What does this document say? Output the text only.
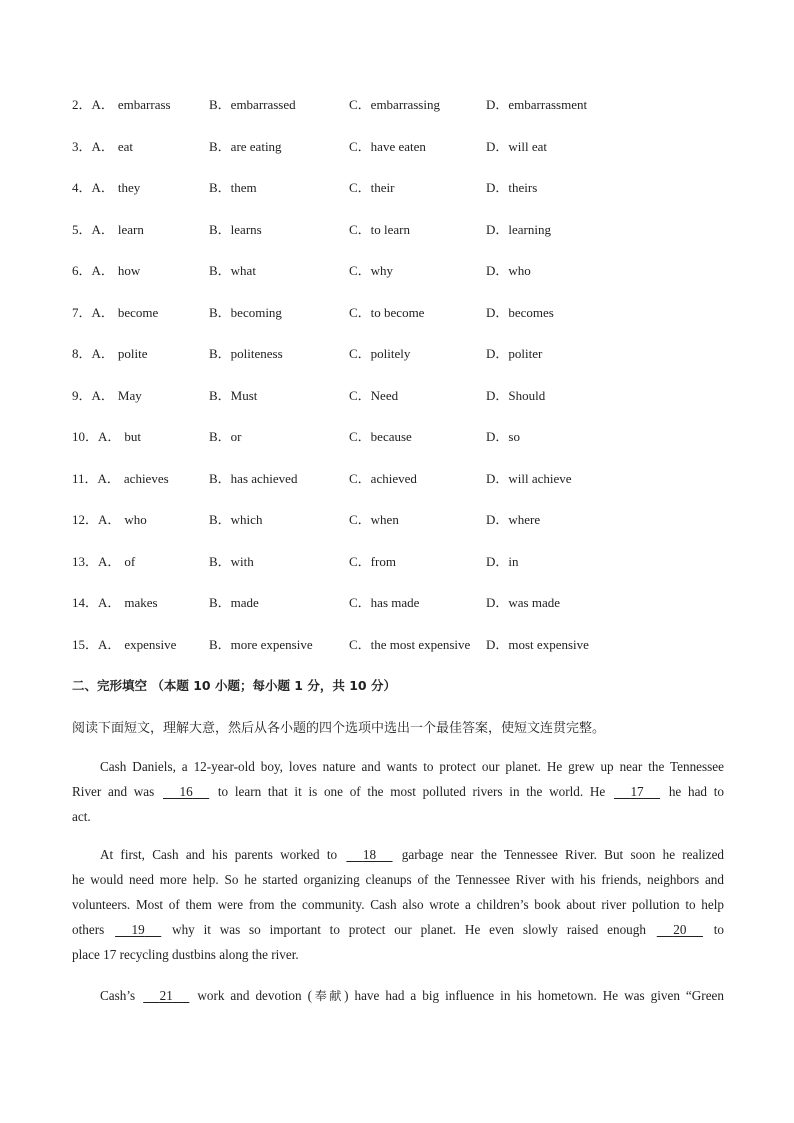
2．A． embarrass	B．embarrassed	C．embarrassing	D．embarrassment
3．A． eat	B．are eating	C．have eaten	D．will eat
4．A． they	B．them	C．their	D．theirs
5．A． learn	B．learns	C．to learn	D．learning
6．A． how	B．what	C．why	D．who
7．A． become	B．becoming	C．to become	D．becomes
8．A． polite	B．politeness	C．politely	D．politer
9．A． May	B．Must	C．Need	D．Should
10．A． but	B．or	C．because	D．so
11．A． achieves	B．has achieved	C．achieved	D．will achieve
12．A． who	B．which	C．when	D．where
13．A． of	B．with	C．from	D．in
14．A． makes	B．made	C．has made	D．was made
15．A． expensive	B．more expensive	C．the most expensive D．most expensive
二、完形填空 （本题 10 小题；每小题 1 分，共 10 分）
阅读下面短文，理解大意，然后从各小题的四个选项中选出一个最佳答案，使短文连贯完整。
Cash Daniels, a 12-year-old boy, loves nature and wants to protect our planet. He grew up near the Tennessee
River and was 16 to learn that it is one of the most polluted rivers in the world. He 17 he had to
act.
At first, Cash and his parents worked to 18 garbage near the Tennessee River. But soon he realized
he would need more help. So he started organizing cleanups of the Tennessee River with his friends, neighbors and
volunteers. Most of them were from the community. Cash also wrote a children’s book about river pollution to help
others 19 why it was so important to protect our planet. He even slowly raised enough 20 to
place 17 recycling dustbins along the river.
Cash’s 21 work and devotion (奉献) have had a big influence in his hometown. He was given “Green
